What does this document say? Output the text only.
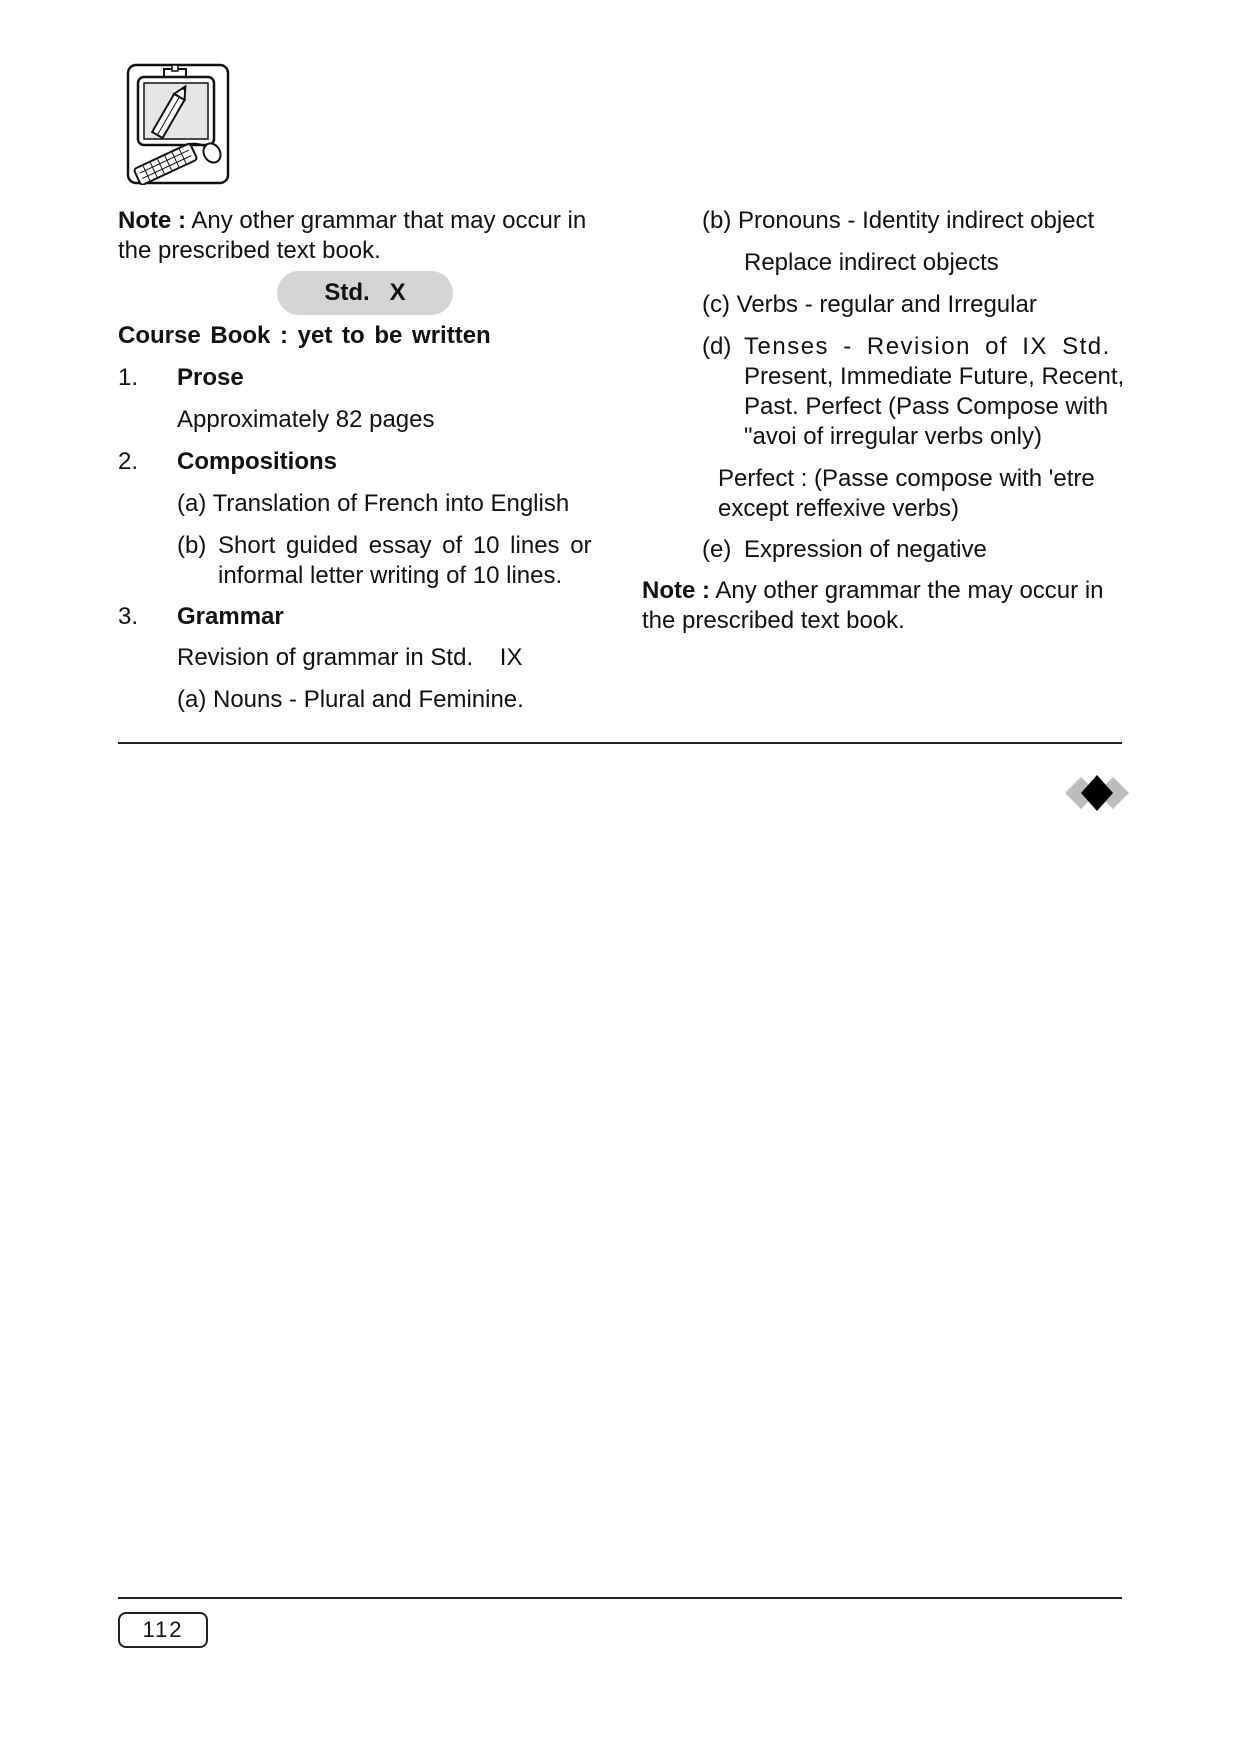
Note : Any other grammar that may occur in
the prescribed text book.
Std. X
Course Book : yet to be written
1.	Prose
Approximately 82 pages
2.	Compositions
(a) Translation of French into English
(b) Short guided essay of 10 lines or
informal letter writing of 10 lines.
3.	Grammar
Revision of grammar in Std.    IX
(a) Nouns - Plural and Feminine.
(b) Pronouns - Identity indirect object
Replace indirect objects
(c) Verbs - regular and Irregular
(d) Tenses - Revision of IX Std.
Present, Immediate Future, Recent,
Past. Perfect (Pass Compose with
"avoi of irregular verbs only)
Perfect : (Passe compose with 'etre
except reffexive verbs)
(e) Expression of negative
Note : Any other grammar the may occur in
the prescribed text book.
112
